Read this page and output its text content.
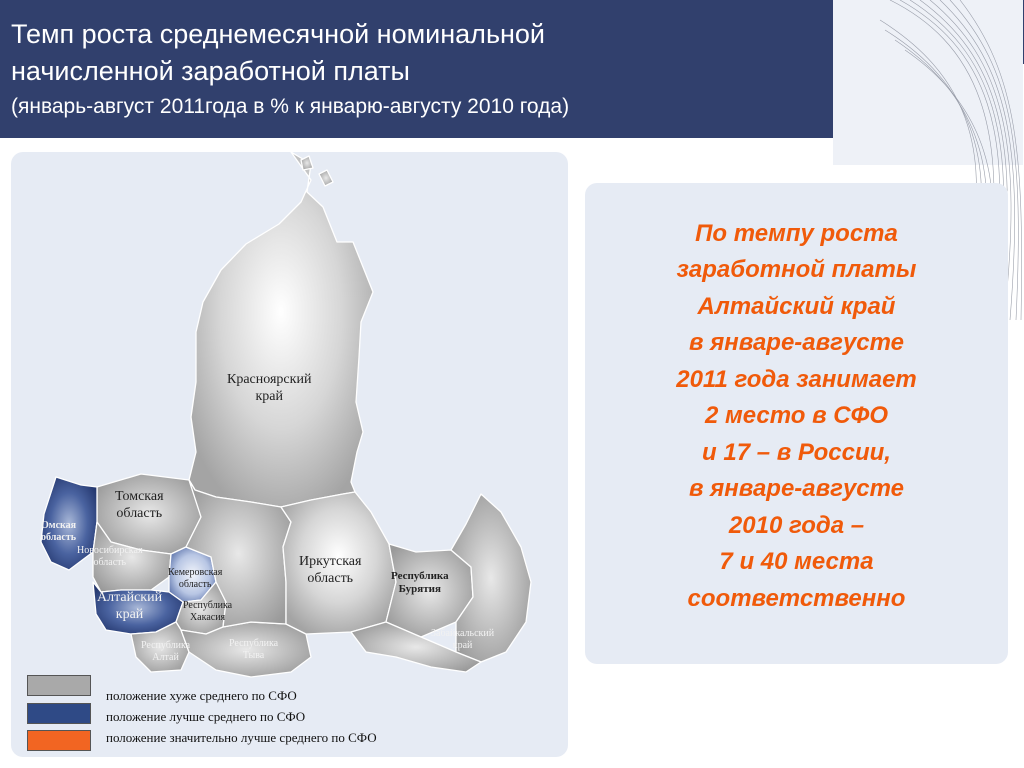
Темп роста среднемесячной номинальной
начисленной заработной платы
(январь-август 2011года в % к январю-августу 2010 года)
Красноярский
край
Томская
область
Омская
область
Новосибирская
область
Кемеровская
область
Алтайский
край
Республика
Хакасия
Республика
Алтай
Республика
Тыва
Иркутская
область	Республика
Бурятия
Забайкальский
край
положение хуже среднего по СФО
положение лучше среднего по СФО
положение значительно лучше среднего по СФО
По темпу роста
заработной платы
Алтайский край
в январе-августе
2011 года занимает
2 место в СФО
и 17 – в России,
в январе-августе
2010 года –
7 и 40 места
соответственно
